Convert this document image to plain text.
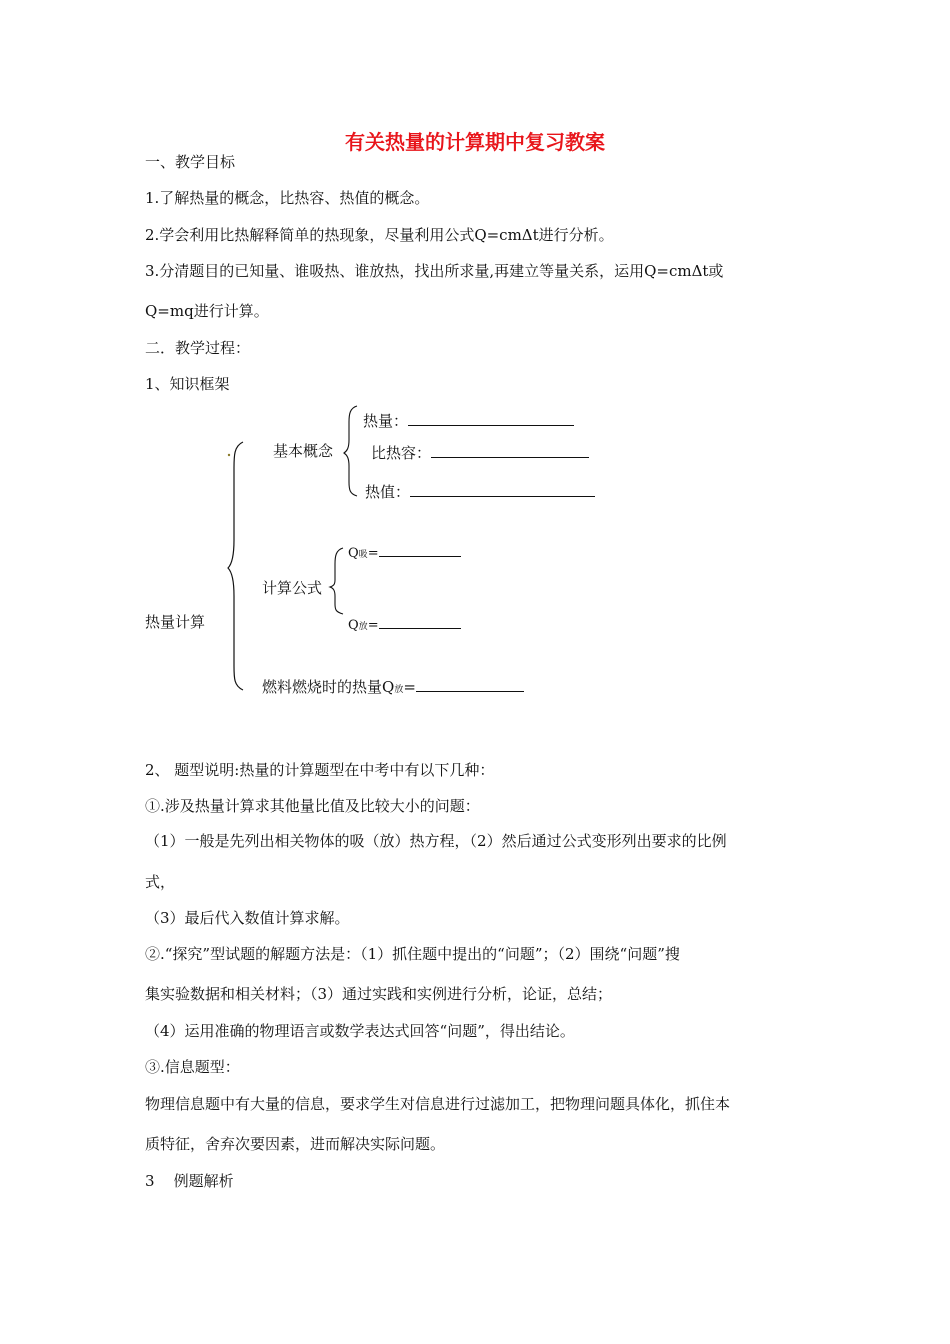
有关热量的计算期中复习教案
一、教学目标
1.了解热量的概念，比热容、热值的概念。
2.学会利用比热解释简单的热现象，尽量利用公式Q=cmΔt进行分析。
3.分清题目的已知量、谁吸热、谁放热，找出所求量,再建立等量关系，运用Q=cmΔt或
Q=mq进行计算。
二．教学过程：
1、知识框架
热量计算
基本概念
热量：
比热容：
热值：
计算公式
Q吸=
Q放=
燃料燃烧时的热量Q放=
2、 题型说明:热量的计算题型在中考中有以下几种：
①.涉及热量计算求其他量比值及比较大小的问题：
（1）一般是先列出相关物体的吸（放）热方程，（2）然后通过公式变形列出要求的比例
式，
（3）最后代入数值计算求解。
②.“探究”型试题的解题方法是：（1）抓住题中提出的“问题”；（2）围绕“问题”搜
集实验数据和相关材料；（3）通过实践和实例进行分析，论证，总结；
（4）运用准确的物理语言或数学表达式回答“问题”，得出结论。
③.信息题型：
物理信息题中有大量的信息，要求学生对信息进行过滤加工，把物理问题具体化，抓住本
质特征，舍弃次要因素，进而解决实际问题。
3    例题解析
